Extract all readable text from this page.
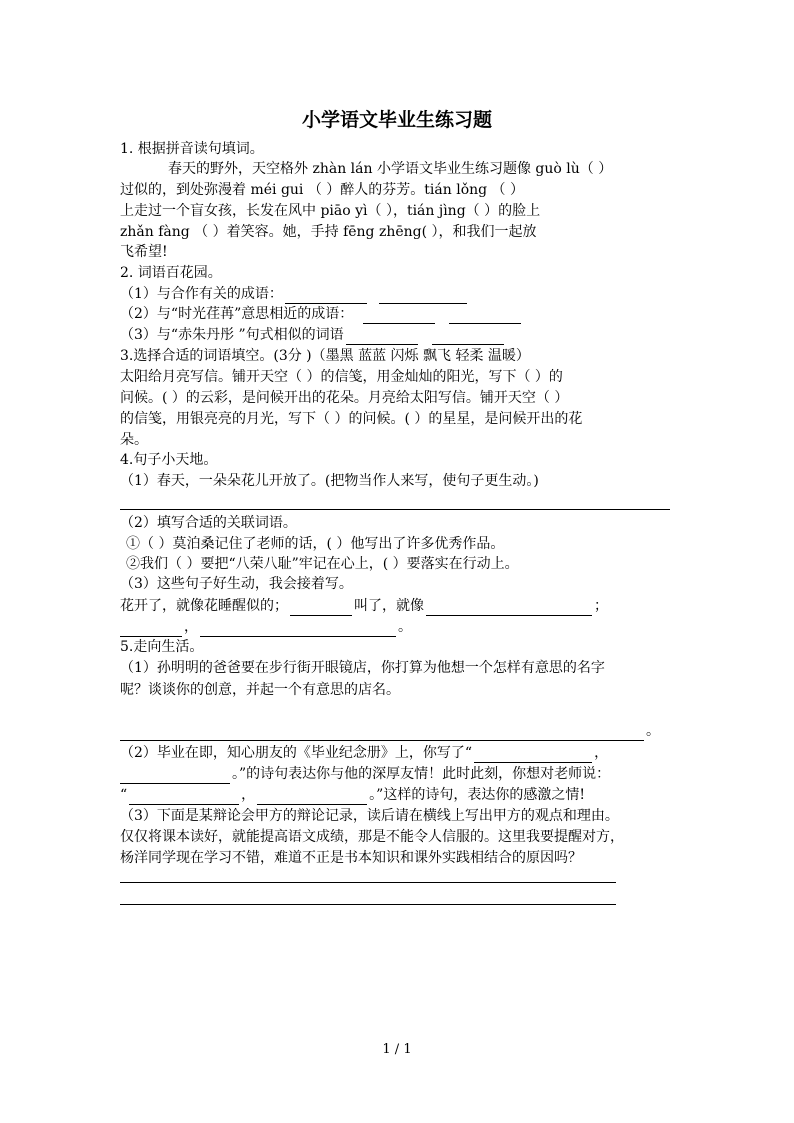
小学语文毕业生练习题
1. 根据拼音读句填词。
春天的野外，天空格外 zhàn lán 小学语文毕业生练习题像 guò lù（ ）
过似的，到处弥漫着 méi gui （ ）醉人的芬芳。tián lǒng （ ）
上走过一个盲女孩，长发在风中 piāo yì（ ），tián jìng（ ）的脸上
zhǎn fàng （ ）着笑容。她，手持 fēng zhēng( ），和我们一起放
飞希望!
2. 词语百花园。
（1）与合作有关的成语：
（2）与“时光荏苒”意思相近的成语：
（3）与“赤朱丹彤 ”句式相似的词语
3.选择合适的词语填空。(3分 )（墨黑 蓝蓝 闪烁 飘飞 轻柔 温暖）
太阳给月亮写信。铺开天空（ ）的信笺，用金灿灿的阳光，写下（ ）的
问候。( ）的云彩，是问候开出的花朵。月亮给太阳写信。铺开天空（ ）
的信笺，用银亮亮的月光，写下（ ）的问候。( ）的星星，是问候开出的花
朵。
4.句子小天地。
（1）春天，一朵朵花儿开放了。(把物当作人来写，使句子更生动。)
（2）填写合适的关联词语。
①（ ）莫泊桑记住了老师的话，( ）他写出了许多优秀作品。
②我们（ ）要把“八荣八耻”牢记在心上，( ）要落实在行动上。
（3）这些句子好生动，我会接着写。
花开了，就像花睡醒似的；	叫了，就像	；
，	。
5.走向生活。
（1）孙明明的爸爸要在步行街开眼镜店，你打算为他想一个怎样有意思的名字
呢？谈谈你的创意，并起一个有意思的店名。
。
（2）毕业在即，知心朋友的《毕业纪念册》上，你写了“	，
。”的诗句表达你与他的深厚友情！此时此刻，你想对老师说：
“	，	。”这样的诗句，表达你的感激之情!
（3）下面是某辩论会甲方的辩论记录，读后请在横线上写出甲方的观点和理由。
仅仅将课本读好，就能提高语文成绩，那是不能令人信服的。这里我要提醒对方，
杨洋同学现在学习不错，难道不正是书本知识和课外实践相结合的原因吗？
1 / 1
